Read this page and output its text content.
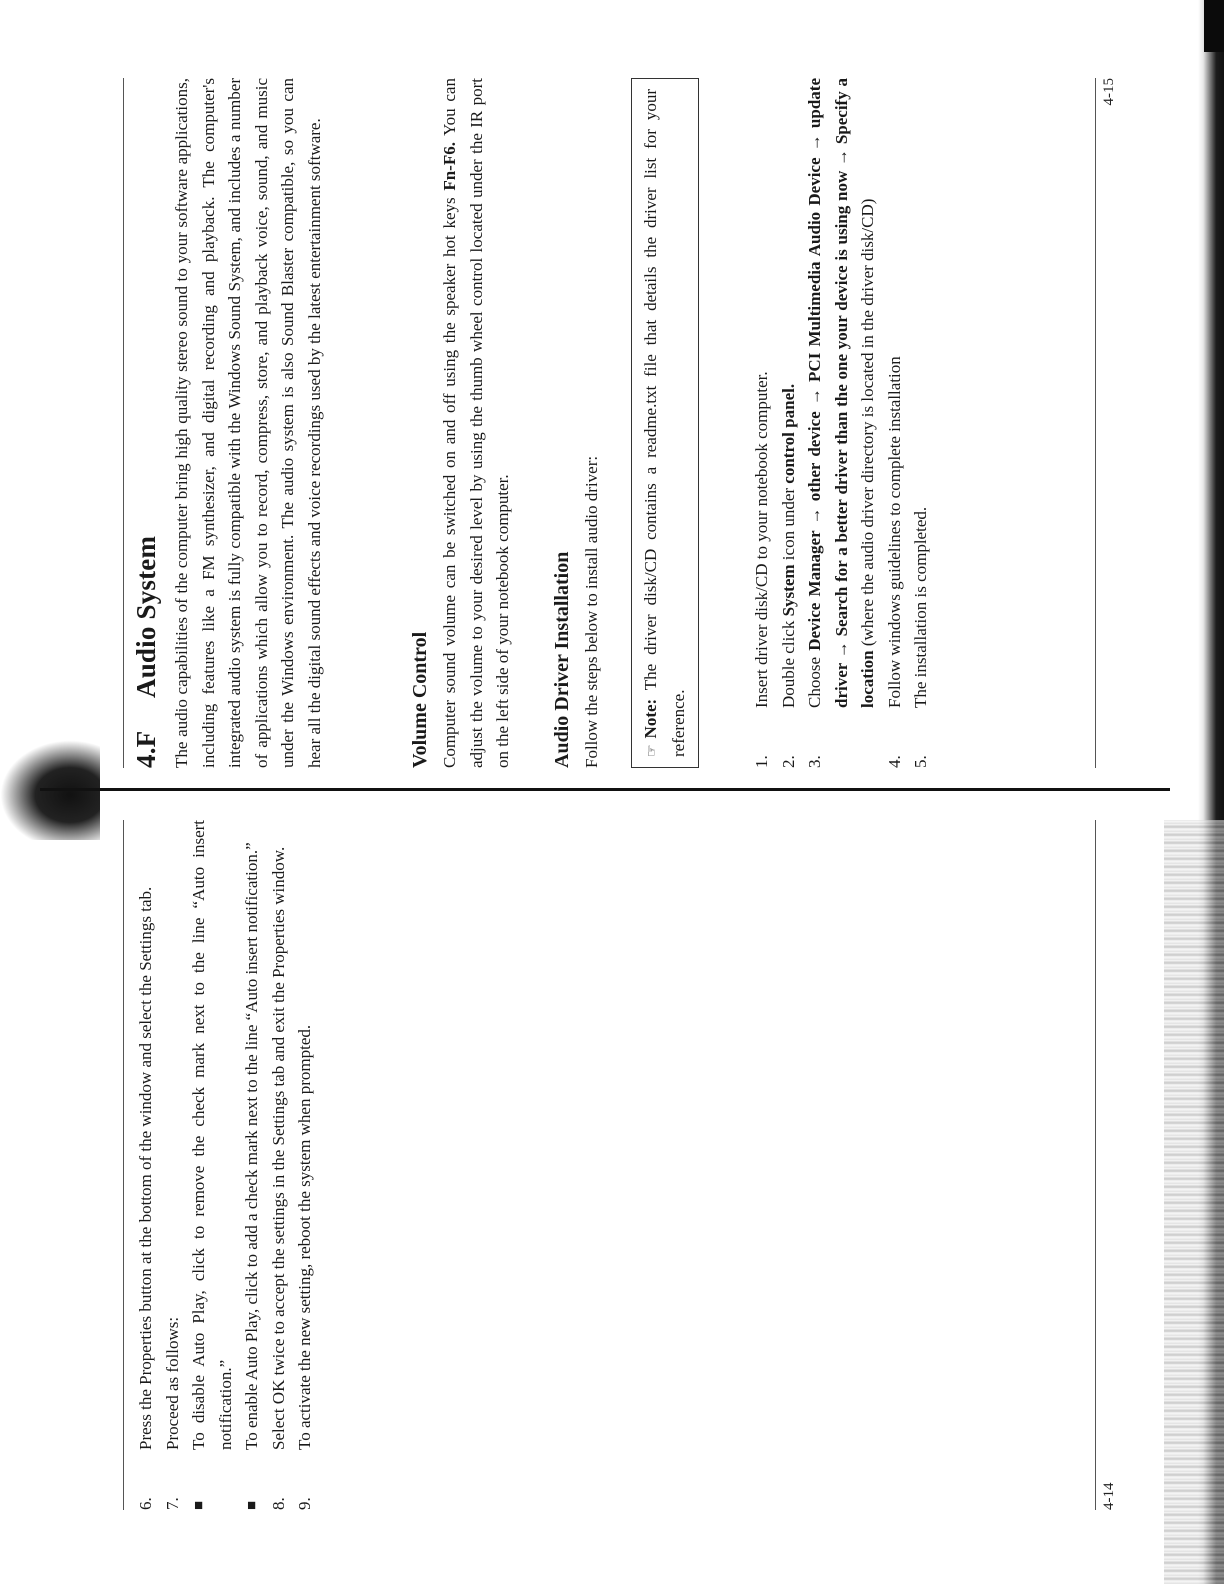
6.
Press the Properties button at the bottom of the window and select the Settings tab.
7.
Proceed as follows:
■
To disable Auto Play, click to remove the check mark next to the line “Auto insert notification.”
■
To enable Auto Play, click to add a check mark next to the line “Auto insert notification.”
8.
Select OK twice to accept the settings in the Settings tab and exit the Properties window.
9.
To activate the new setting, reboot the system when prompted.
4-14
4.FAudio System The audio capabilities of the computer bring high quality stereo sound to your software applications, including features like a FM synthesizer, and digital recording and playback. The computer's integrated audio system is fully compatible with the Windows Sound System, and includes a number of applications which allow you to record, compress, store, and playback voice, sound, and music under the Windows environment. The audio system is also Sound Blaster compatible, so you can hear all the digital sound effects and voice recordings used by the latest entertainment software.	Volume Control Computer sound volume can be switched on and off using the speaker hot keys Fn-F6. You can adjust the volume to your desired level by using the thumb wheel control located under the IR port on the left side of your notebook computer. Audio Driver Installation Follow the steps below to install audio driver:	☞Note: The driver disk/CD contains a readme.txt file that details the driver list for your reference.
1.
Insert driver disk/CD to your notebook computer.
2.
Double click System icon under control panel.
3.
Choose Device Manager → other device → PCI Multimedia Audio Device → update driver → Search for a better driver than the one your device is using now → Specify a location (where the audio driver directory is located in the driver disk/CD)
4.
Follow windows guidelines to complete installation
5.
The installation is completed.
4-15
